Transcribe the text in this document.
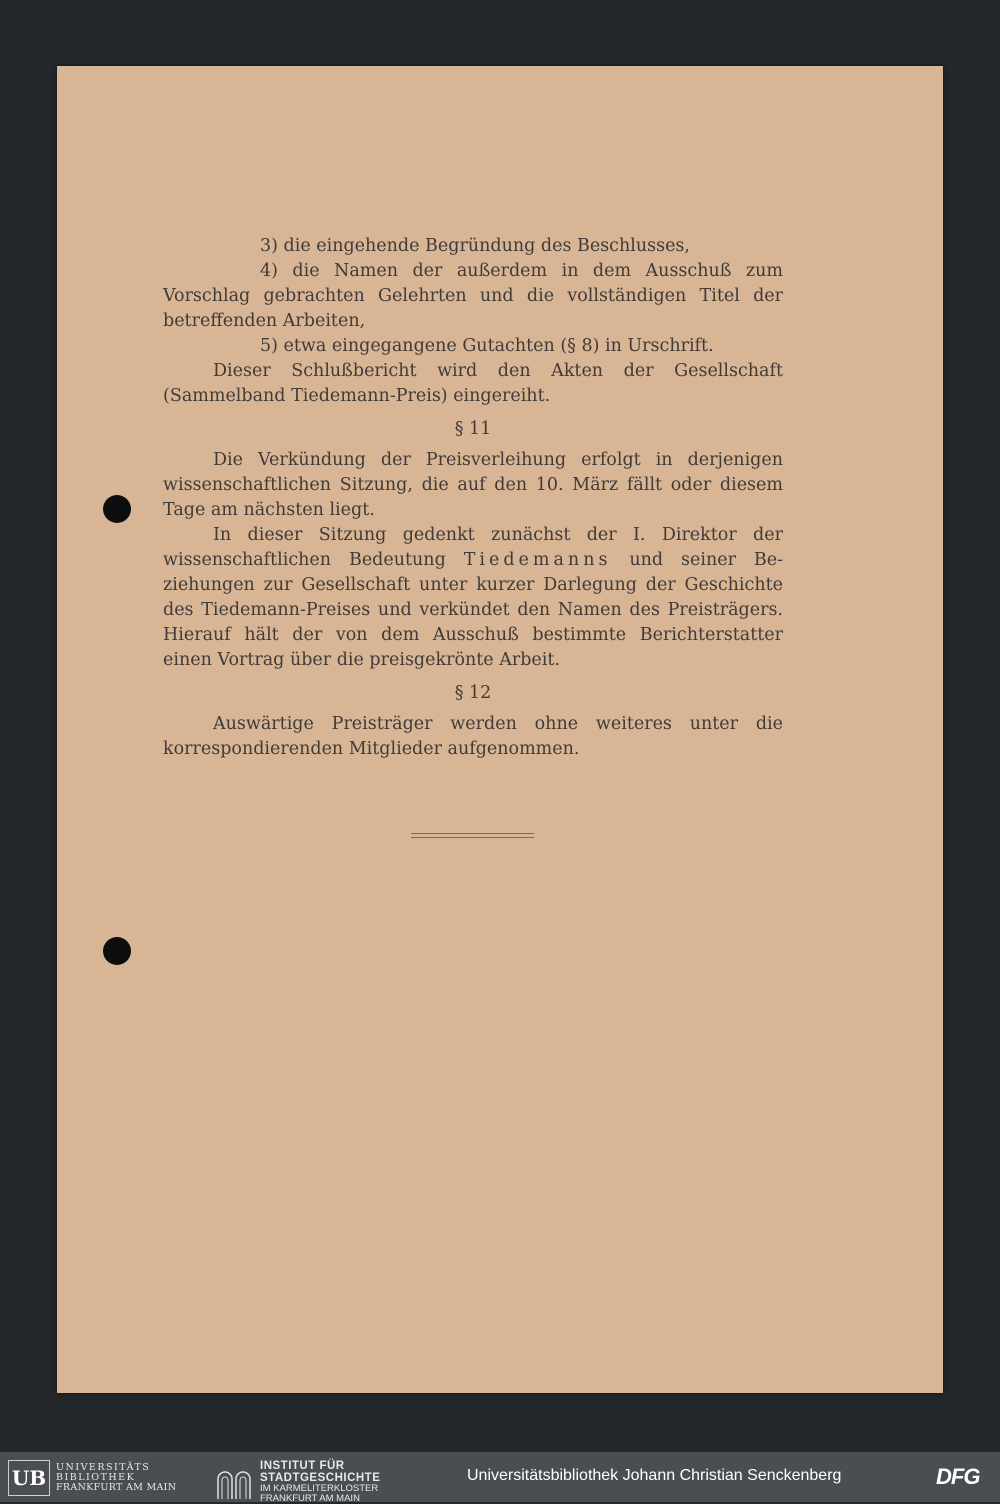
3) die eingehende Begründung des Beschlusses,
4) die Namen der außerdem in dem Ausschuß zum
Vorschlag gebrachten Gelehrten und die vollständigen Titel der
betreffenden Arbeiten,
5) etwa eingegangene Gutachten (§ 8) in Urschrift.
Dieser Schlußbericht wird den Akten der Gesellschaft
(Sammelband Tiedemann-Preis) eingereiht.
§ 11
Die Verkündung der Preisverleihung erfolgt in derjenigen
wissenschaftlichen Sitzung, die auf den 10. März fällt oder diesem
Tage am nächsten liegt.
In dieser Sitzung gedenkt zunächst der I. Direktor der
wissenschaftlichen Bedeutung Tiedemanns und seiner Be-
ziehungen zur Gesellschaft unter kurzer Darlegung der Geschichte
des Tiedemann-Preises und verkündet den Namen des Preisträgers.
Hierauf hält der von dem Ausschuß bestimmte Berichterstatter
einen Vortrag über die preisgekrönte Arbeit.
§ 12
Auswärtige Preisträger werden ohne weiteres unter die
korrespondierenden Mitglieder aufgenommen.
UB	UNIVERSITÄTS
BIBLIOTHEK
FRANKFURT AM MAIN
INSTITUT FÜR
STADTGESCHICHTE
IM KARMELITERKLOSTER
FRANKFURT AM MAIN
Universitätsbibliothek Johann Christian Senckenberg	DFG
